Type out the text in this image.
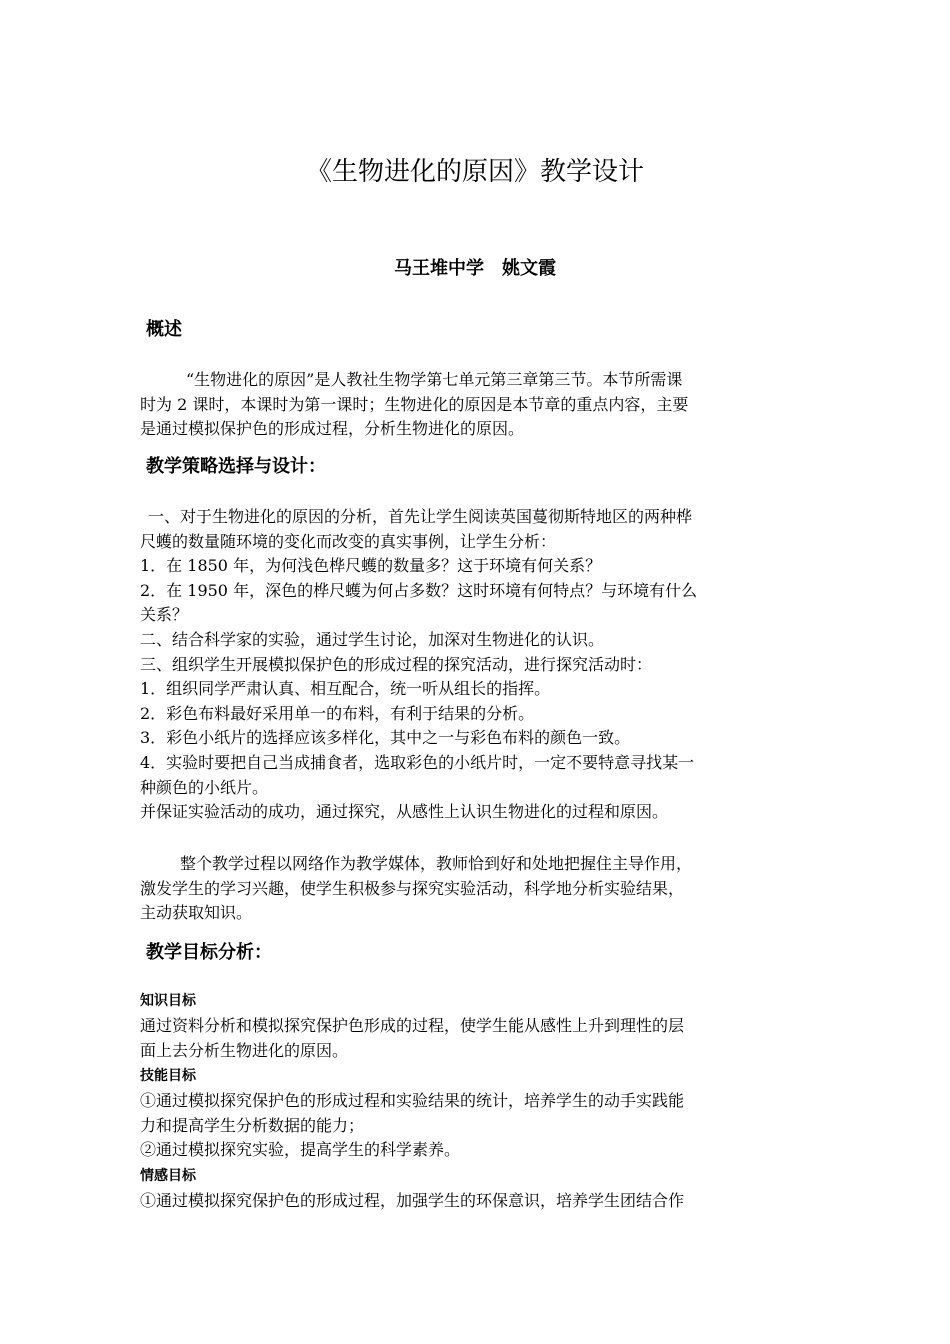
《生物进化的原因》教学设计
马王堆中学　姚文霞
概述

“生物进化的原因”是人教社生物学第七单元第三章第三节。本节所需课

时为 2 课时，本课时为第一课时；生物进化的原因是本节章的重点内容，主要

是通过模拟保护色的形成过程，分析生物进化的原因。

教学策略选择与设计：

一、对于生物进化的原因的分析，首先让学生阅读英国蔓彻斯特地区的两种桦

尺蠖的数量随环境的变化而改变的真实事例，让学生分析：

1．在 1850 年，为何浅色桦尺蠖的数量多？这于环境有何关系？

2．在 1950 年，深色的桦尺蠖为何占多数？这时环境有何特点？与环境有什么

关系？

二、结合科学家的实验，通过学生讨论，加深对生物进化的认识。

三、组织学生开展模拟保护色的形成过程的探究活动，进行探究活动时：

1．组织同学严肃认真、相互配合，统一听从组长的指挥。

2．彩色布料最好采用单一的布料，有利于结果的分析。

3．彩色小纸片的选择应该多样化，其中之一与彩色布料的颜色一致。

4．实验时要把自己当成捕食者，选取彩色的小纸片时，一定不要特意寻找某一

种颜色的小纸片。

并保证实验活动的成功，通过探究，从感性上认识生物进化的过程和原因。

整个教学过程以网络作为教学媒体，教师恰到好和处地把握住主导作用，

激发学生的学习兴趣，使学生积极参与探究实验活动，科学地分析实验结果，

主动获取知识。

教学目标分析：
知识目标

通过资料分析和模拟探究保护色形成的过程，使学生能从感性上升到理性的层

面上去分析生物进化的原因。

技能目标

①通过模拟探究保护色的形成过程和实验结果的统计，培养学生的动手实践能

力和提高学生分析数据的能力；

②通过模拟探究实验，提高学生的科学素养。

情感目标

①通过模拟探究保护色的形成过程，加强学生的环保意识，培养学生团结合作
